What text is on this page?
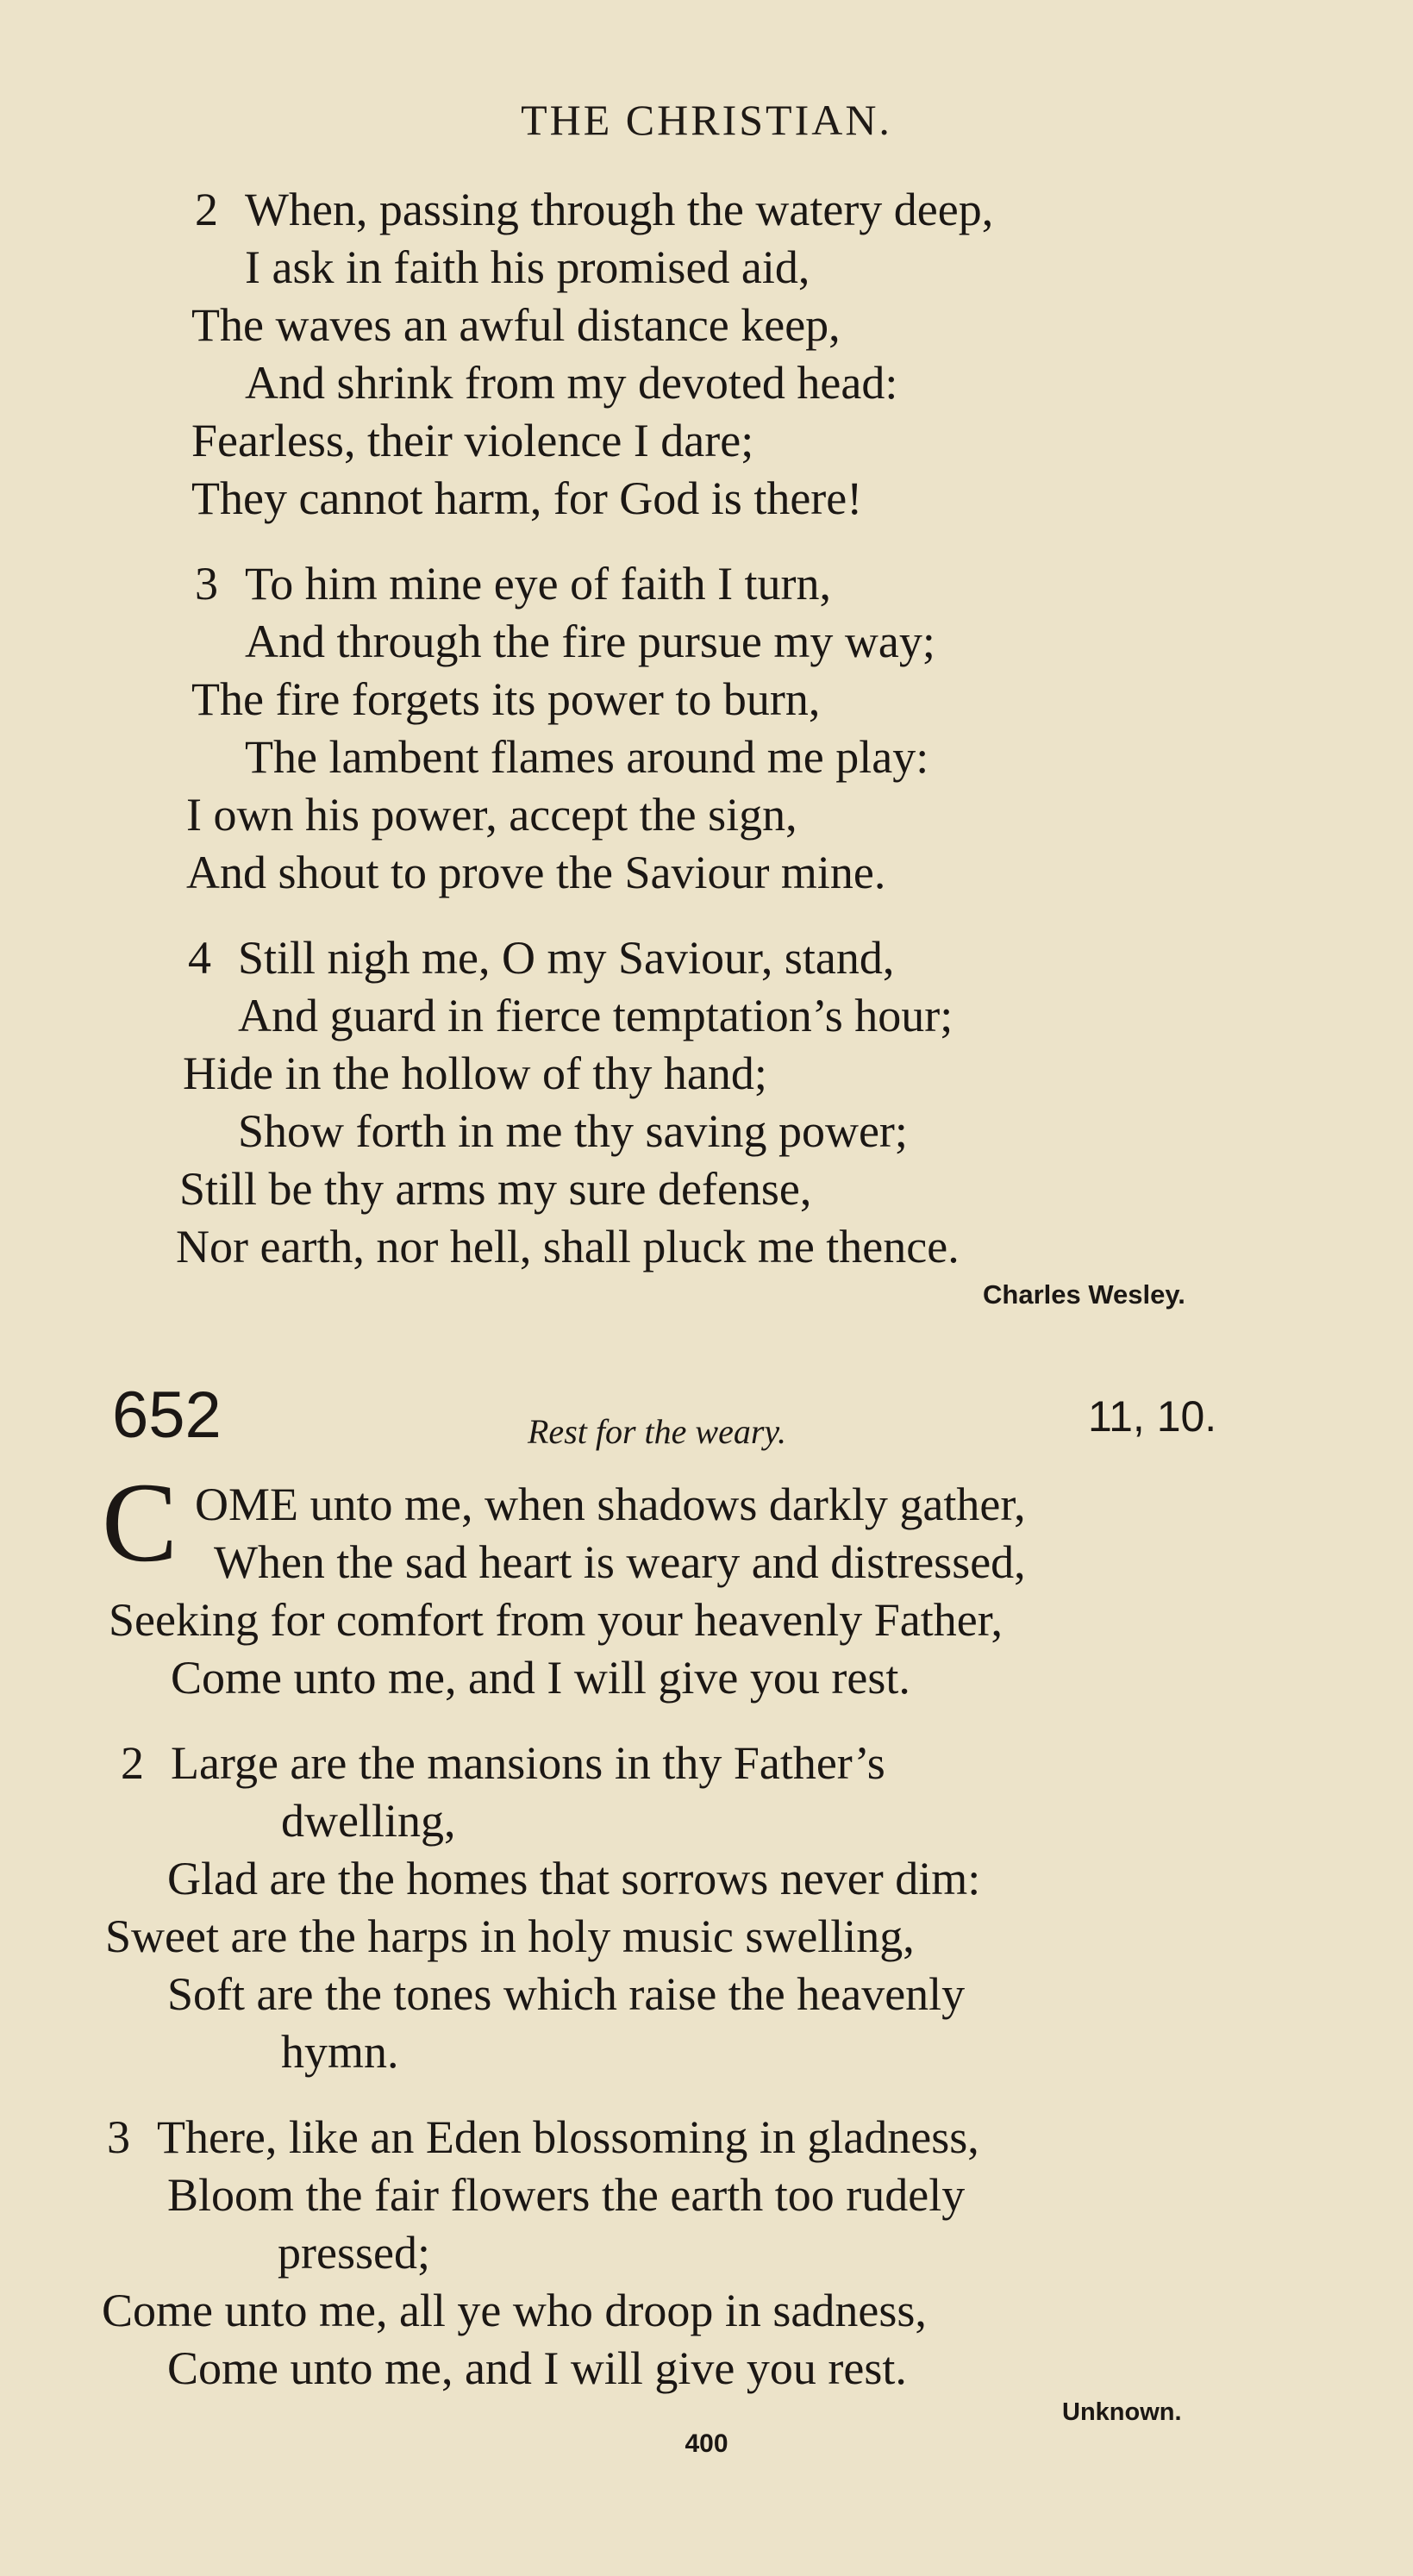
THE CHRISTIAN.
2 When, passing through the watery deep,
I ask in faith his promised aid,
The waves an awful distance keep,
And shrink from my devoted head:
Fearless, their violence I dare;
They cannot harm, for God is there!
3 To him mine eye of faith I turn,
And through the fire pursue my way;
The fire forgets its power to burn,
The lambent flames around me play:
I own his power, accept the sign,
And shout to prove the Saviour mine.
4 Still nigh me, O my Saviour, stand,
And guard in fierce temptation’s hour;
Hide in the hollow of thy hand;
Show forth in me thy saving power;
Still be thy arms my sure defense,
Nor earth, nor hell, shall pluck me thence.
Charles Wesley.
652	Rest for the weary.	11, 10.
C OME unto me, when shadows darkly gather,
When the sad heart is weary and distressed,
Seeking for comfort from your heavenly Father,
Come unto me, and I will give you rest.
2 Large are the mansions in thy Father’s
dwelling,
Glad are the homes that sorrows never dim:
Sweet are the harps in holy music swelling,
Soft are the tones which raise the heavenly
hymn.
3 There, like an Eden blossoming in gladness,
Bloom the fair flowers the earth too rudely
pressed;
Come unto me, all ye who droop in sadness,
Come unto me, and I will give you rest.
Unknown.
400
